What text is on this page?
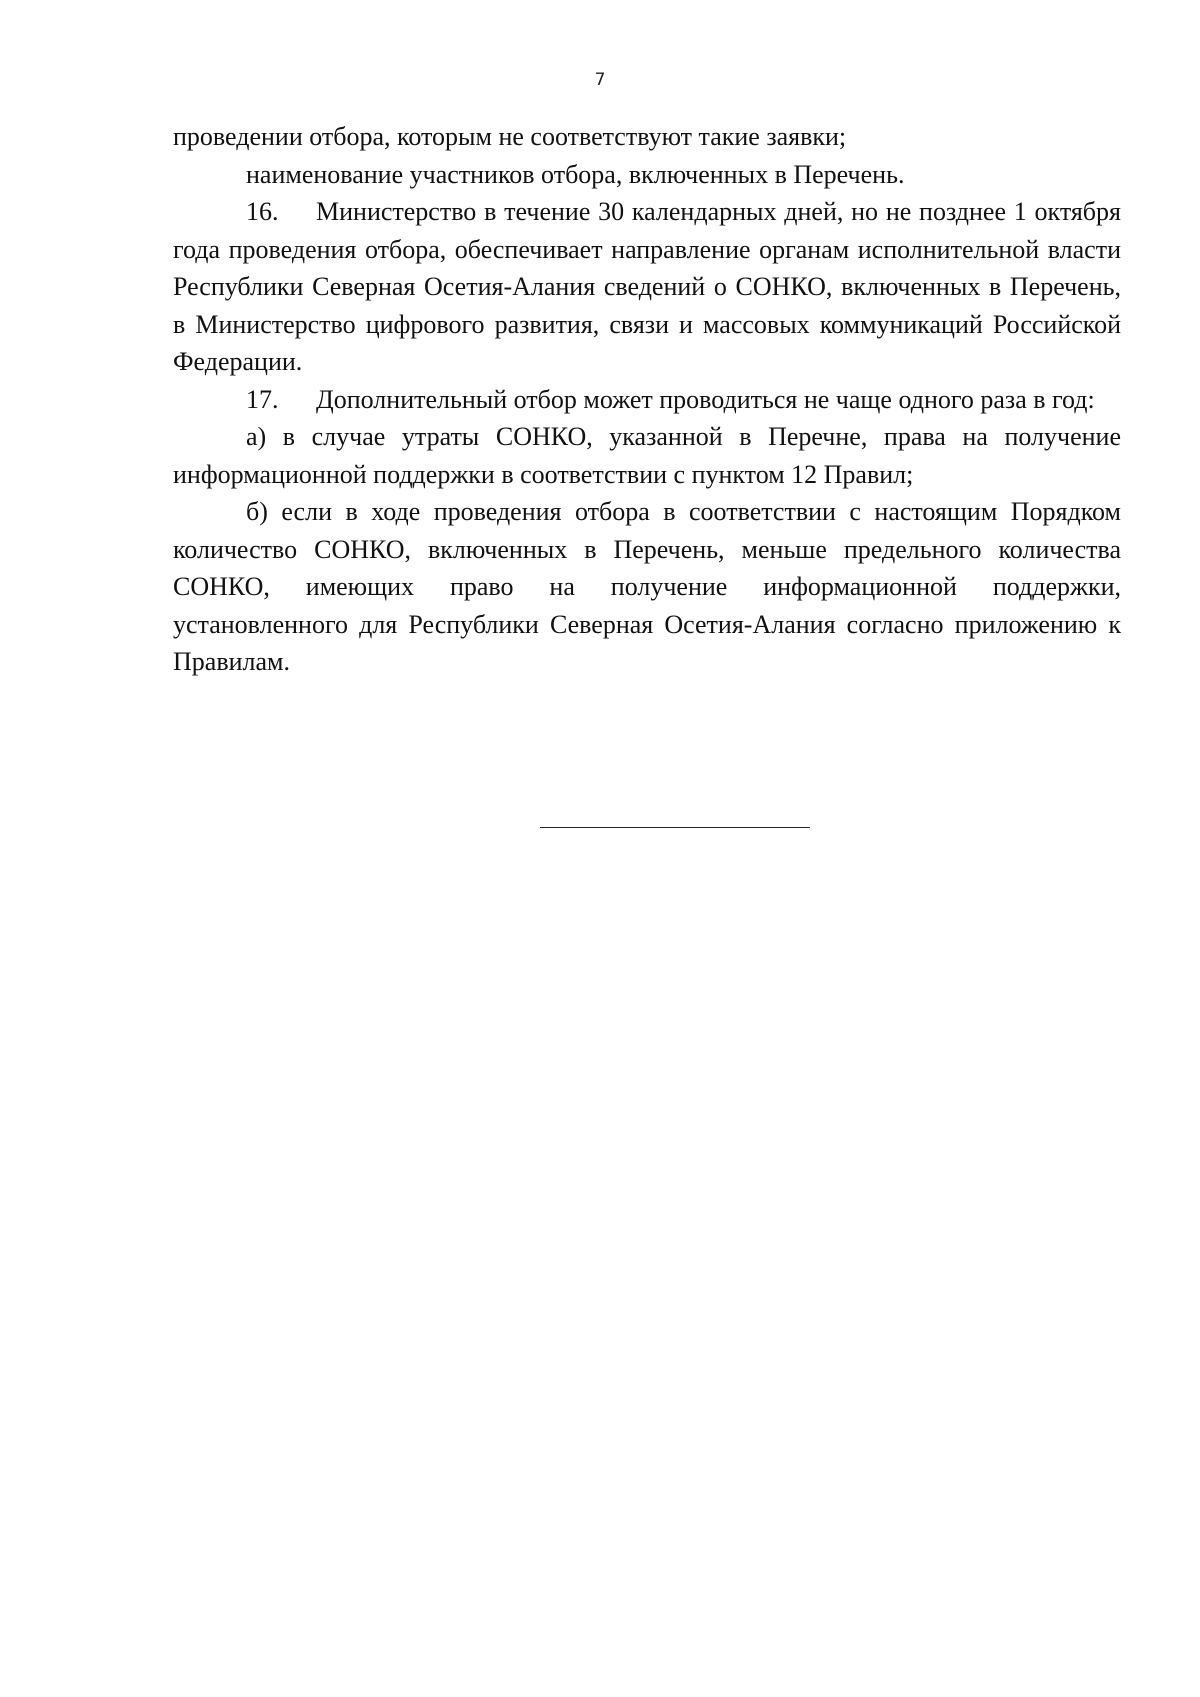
7

проведении отбора, которым не соответствуют такие заявки;

наименование участников отбора, включенных в Перечень.

16. Министерство в течение 30 календарных дней, но не позднее 1 октября года проведения отбора, обеспечивает направление органам исполнительной власти Республики Северная Осетия-Алания сведений о СОНКО, включенных в Перечень, в Министерство цифрового развития, связи и массовых коммуникаций Российской Федерации.

17. Дополнительный отбор может проводиться не чаще одного раза в год:

а) в случае утраты СОНКО, указанной в Перечне, права на получение информационной поддержки в соответствии с пунктом 12 Правил;

б) если в ходе проведения отбора в соответствии с настоящим Порядком количество СОНКО, включенных в Перечень, меньше предельного количества СОНКО, имеющих право на получение информационной поддержки, установленного для Республики Северная Осетия-Алания согласно приложению к Правилам.
